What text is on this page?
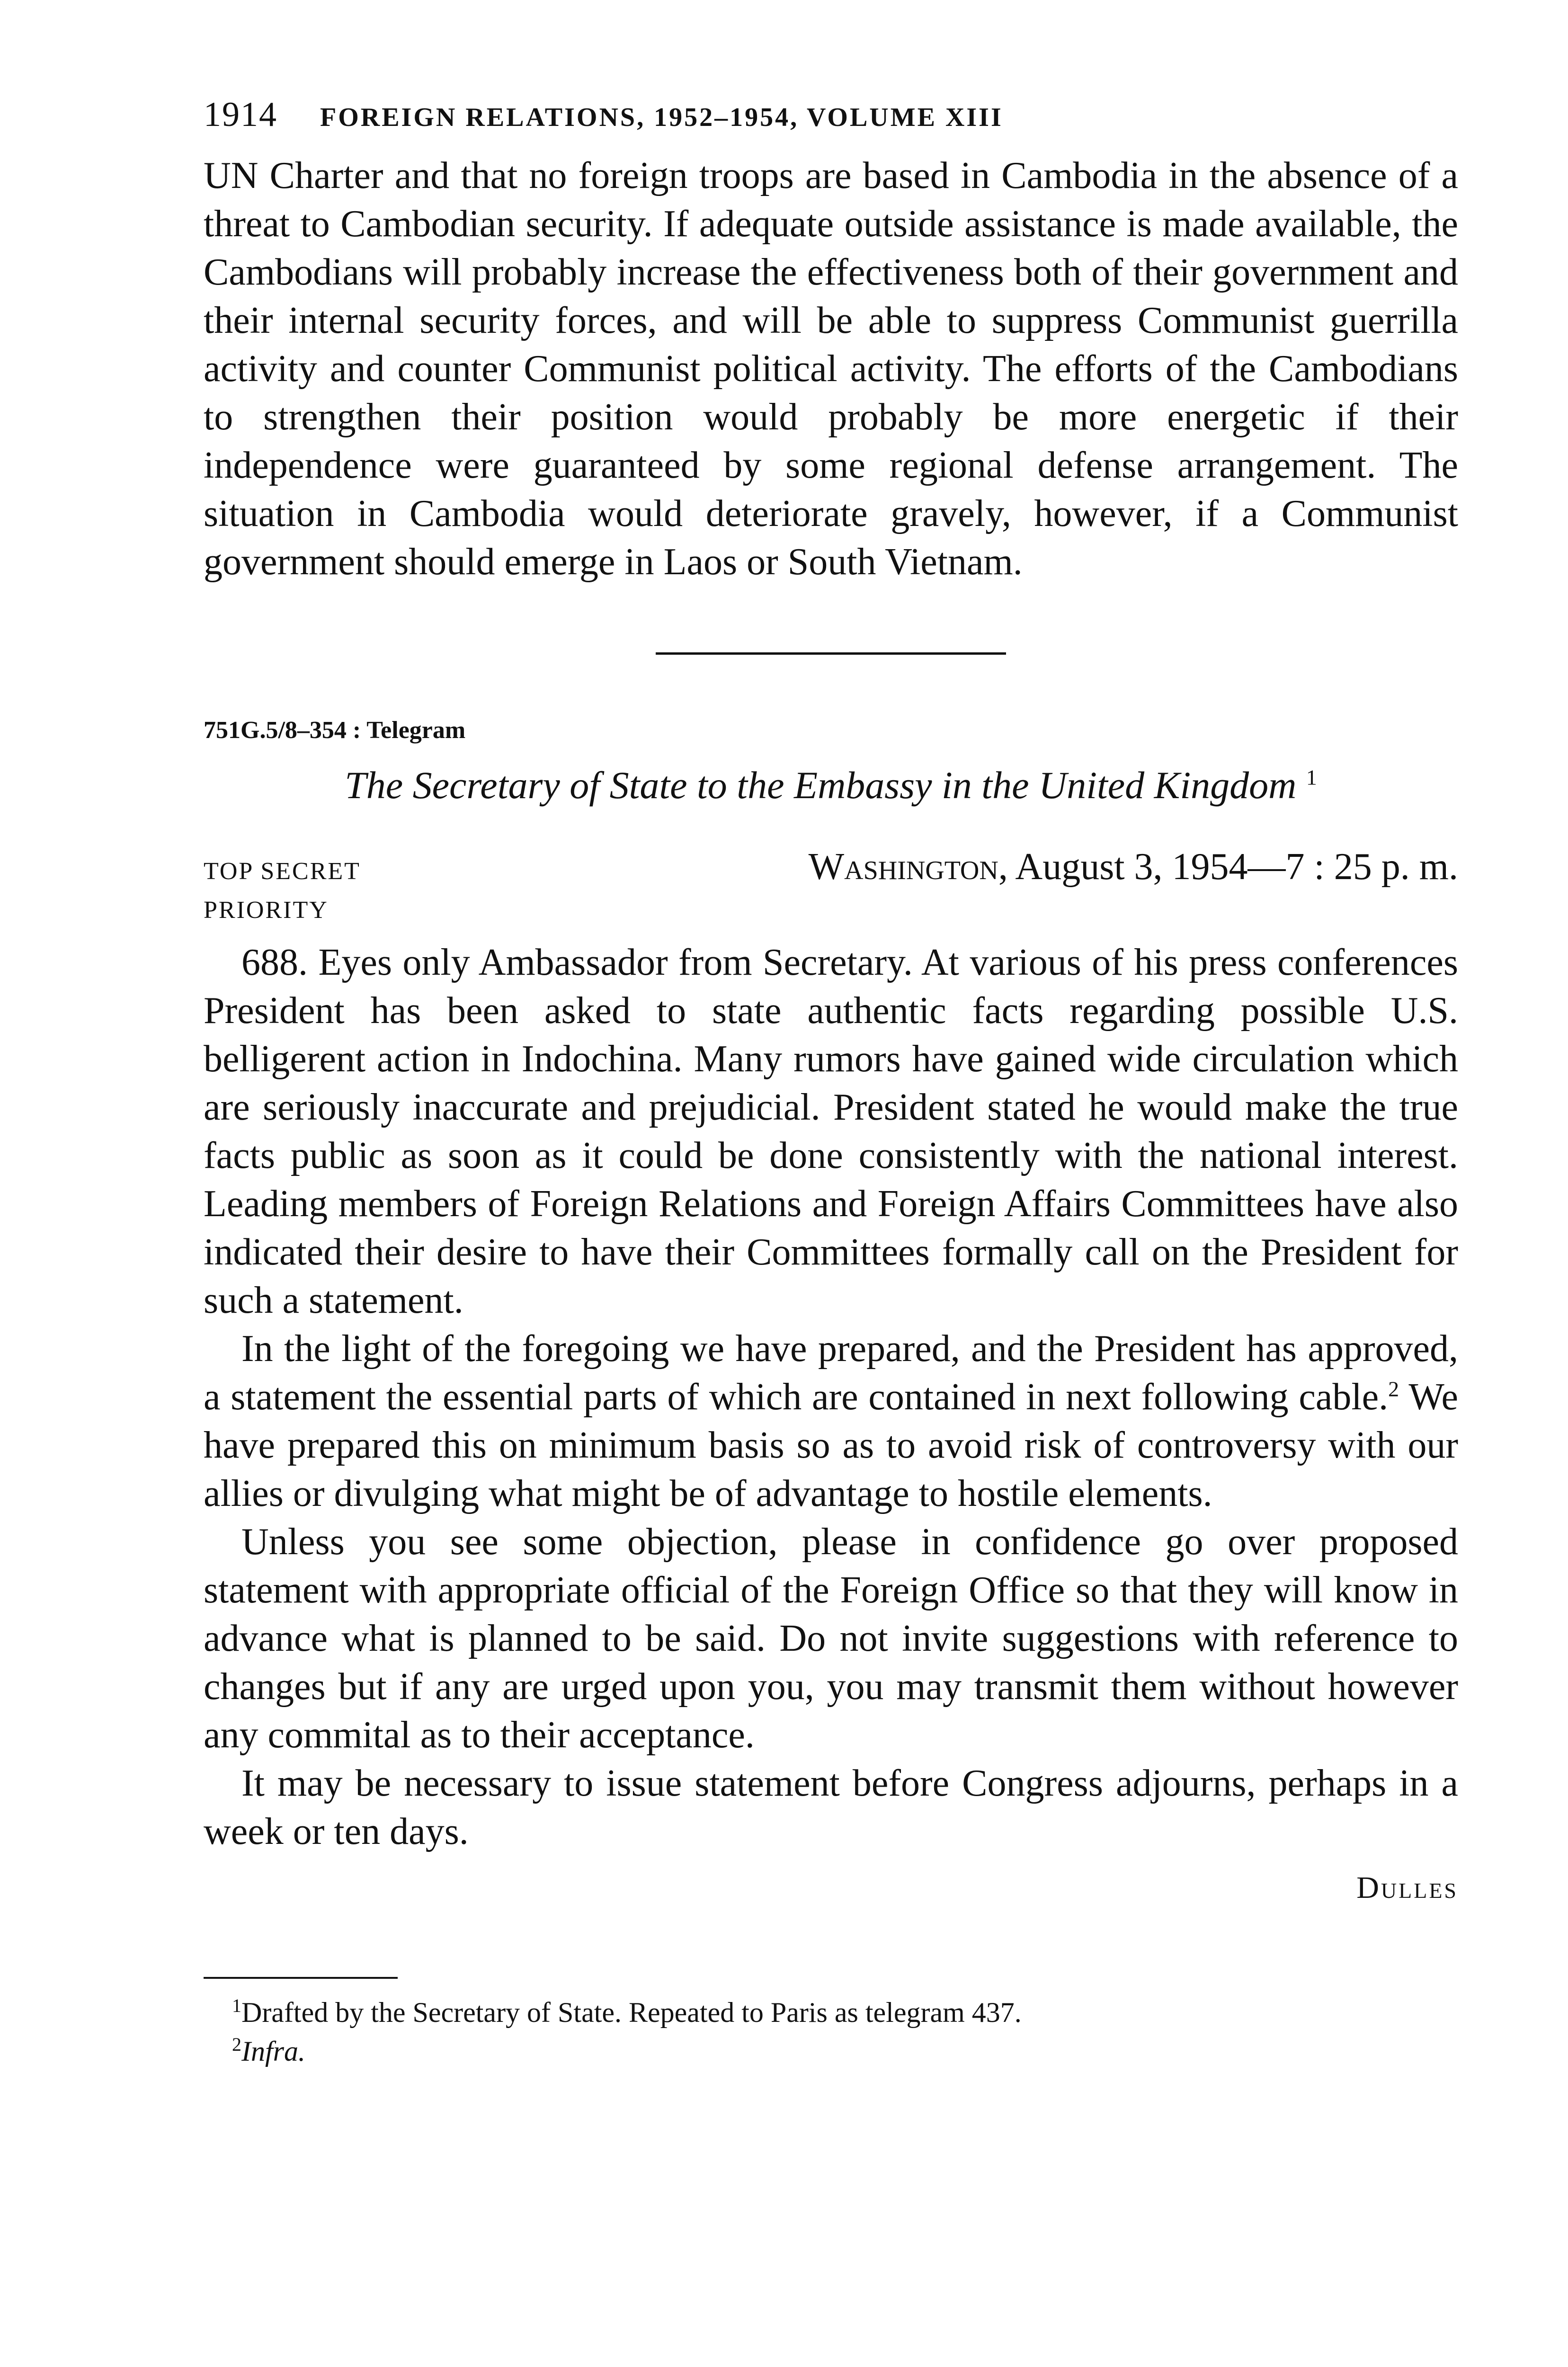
1914 FOREIGN RELATIONS, 1952–1954, VOLUME XIII

UN Charter and that no foreign troops are based in Cambodia in the absence of a threat to Cambodian security. If adequate outside assistance is made available, the Cambodians will probably increase the effectiveness both of their government and their internal security forces, and will be able to suppress Communist guerrilla activity and counter Communist political activity. The efforts of the Cambodians to strengthen their position would probably be more energetic if their independence were guaranteed by some regional defense arrangement. The situation in Cambodia would deteriorate gravely, however, if a Communist government should emerge in Laos or South Vietnam.

751G.5/8–354 : Telegram
The Secretary of State to the Embassy in the United Kingdom $^1$
TOP SECRET	Washington, August 3, 1954—7 : 25 p. m.
PRIORITY

688. Eyes only Ambassador from Secretary. At various of his press conferences President has been asked to state authentic facts regarding possible U.S. belligerent action in Indochina. Many rumors have gained wide circulation which are seriously inaccurate and prejudicial. President stated he would make the true facts public as soon as it could be done consistently with the national interest. Leading members of Foreign Relations and Foreign Affairs Committees have also indicated their desire to have their Committees formally call on the President for such a statement.

In the light of the foregoing we have prepared, and the President has approved, a statement the essential parts of which are contained in next following cable.$^2$ We have prepared this on minimum basis so as to avoid risk of controversy with our allies or divulging what might be of advantage to hostile elements.

Unless you see some objection, please in confidence go over proposed statement with appropriate official of the Foreign Office so that they will know in advance what is planned to be said. Do not invite suggestions with reference to changes but if any are urged upon you, you may transmit them without however any commital as to their acceptance.

It may be necessary to issue statement before Congress adjourns, perhaps in a week or ten days.

Dulles
$^1$Drafted by the Secretary of State. Repeated to Paris as telegram 437.
$^2$Infra.
